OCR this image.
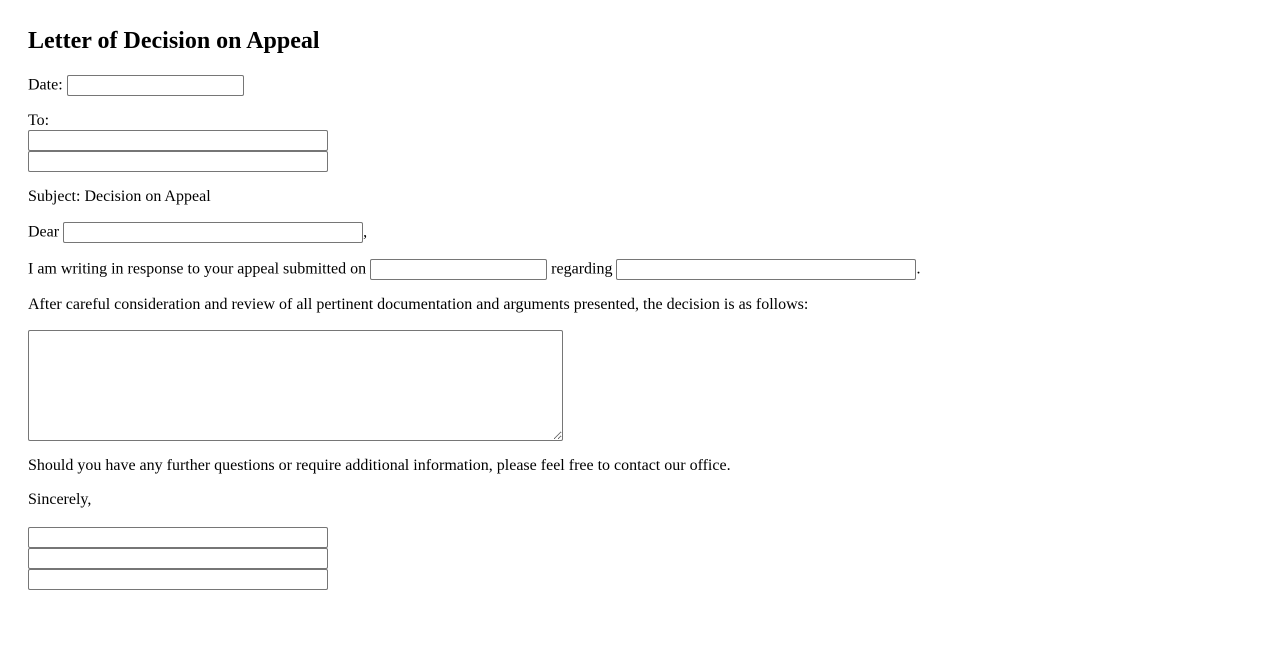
Letter of Decision on Appeal
Date:
To:
Subject: Decision on Appeal
Dear	,
I am writing in response to your appeal submitted on	regarding	.
After careful consideration and review of all pertinent documentation and arguments presented, the decision is as follows:
Should you have any further questions or require additional information, please feel free to contact our office.
Sincerely,
